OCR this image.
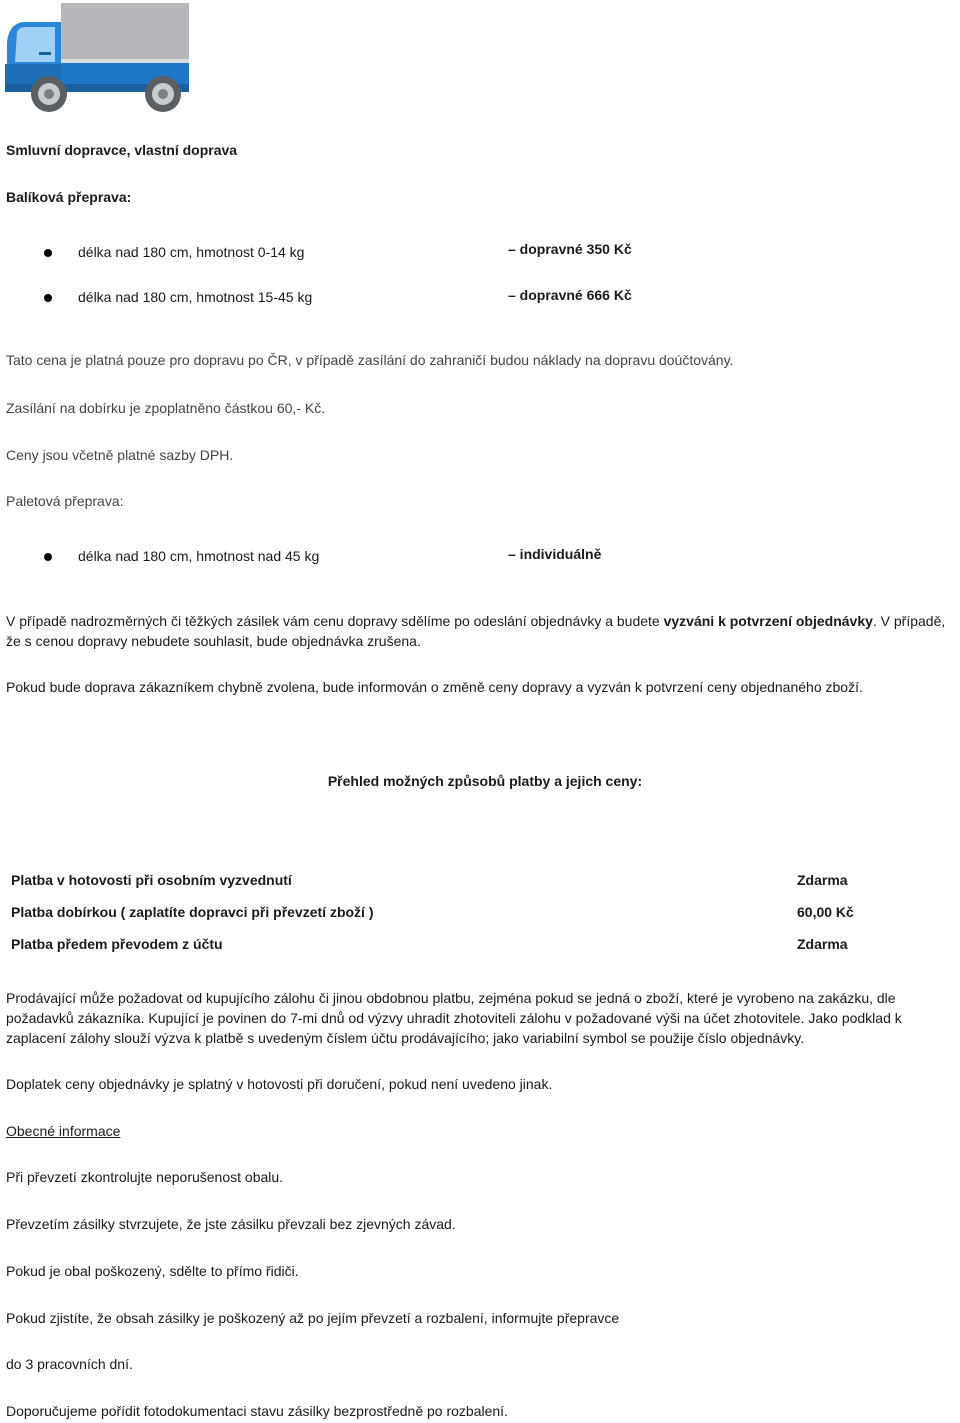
Smluvní dopravce, vlastní doprava
Balíková přeprava:
délka nad 180 cm, hmotnost 0-14 kg	– dopravné 350 Kč
délka nad 180 cm, hmotnost 15-45 kg	– dopravné 666 Kč
Tato cena je platná pouze pro dopravu po ČR, v případě zasílání do zahraničí budou náklady na dopravu doúčtovány.
Zasílání na dobírku je zpoplatněno částkou 60,- Kč.
Ceny jsou včetně platné sazby DPH.
Paletová přeprava:
délka nad 180 cm, hmotnost nad 45 kg	– individuálně
V případě nadrozměrných či těžkých zásilek vám cenu dopravy sdělíme po odeslání objednávky a budete vyzváni k potvrzení objednávky. V případě, že s cenou dopravy nebudete souhlasit, bude objednávka zrušena.
Pokud bude doprava zákazníkem chybně zvolena, bude informován o změně ceny dopravy a vyzván k potvrzení ceny objednaného zboží.
Přehled možných způsobů platby a jejich ceny:
Platba v hotovosti při osobním vyzvednutí	Zdarma
Platba dobírkou ( zaplatíte dopravci při převzetí zboží )	60,00 Kč
Platba předem převodem z účtu	Zdarma
Prodávající může požadovat od kupujícího zálohu či jinou obdobnou platbu, zejména pokud se jedná o zboží, které je vyrobeno na zakázku, dle požadavků zákazníka. Kupující je povinen do 7-mi dnů od výzvy uhradit zhotoviteli zálohu v požadované výši na účet zhotovitele. Jako podklad k zaplacení zálohy slouží výzva k platbě s uvedeným číslem účtu prodávajícího; jako variabilní symbol se použije číslo objednávky.
Doplatek ceny objednávky je splatný v hotovosti při doručení, pokud není uvedeno jinak.
Obecné informace
Při převzetí zkontrolujte neporušenost obalu.
Převzetím zásilky stvrzujete, že jste zásilku převzali bez zjevných závad.
Pokud je obal poškozený, sdělte to přímo řidiči.
Pokud zjistíte, že obsah zásilky je poškozený až po jejím převzetí a rozbalení, informujte přepravce
do 3 pracovních dní.
Doporučujeme pořídit fotodokumentaci stavu zásilky bezprostředně po rozbalení.
